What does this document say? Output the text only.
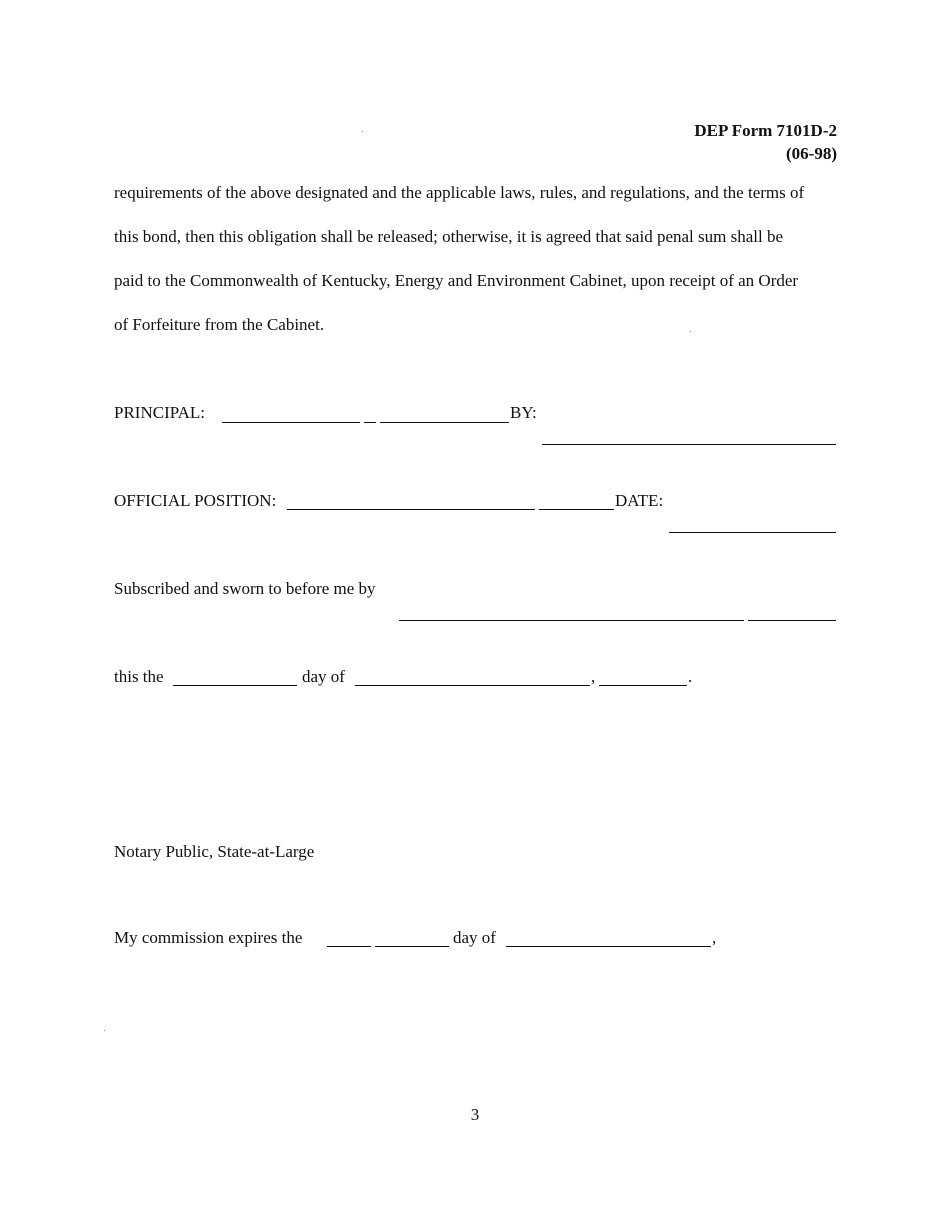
DEP Form 7101D-2
(06-98)
requirements of the above designated and the applicable laws, rules, and regulations, and the terms of
this bond, then this obligation shall be released; otherwise, it is agreed that said penal sum shall be
paid to the Commonwealth of Kentucky, Energy and Environment Cabinet, upon receipt of an Order
of Forfeiture from the Cabinet.
PRINCIPAL:	BY:
OFFICIAL POSITION:	DATE:
Subscribed and sworn to before me by
this the	day of	,	.
Notary Public, State-at-Large
My commission expires the	day of	,
3
